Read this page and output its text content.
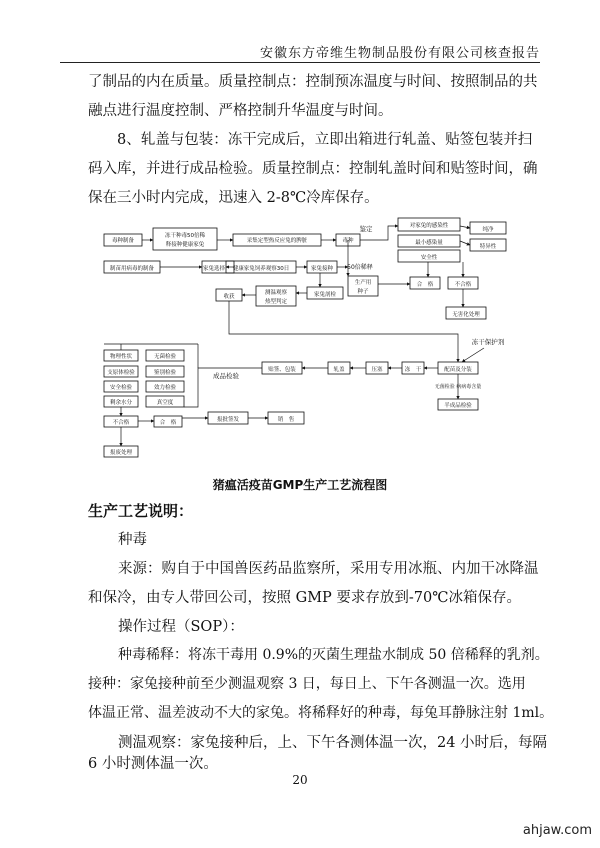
安徽东方帝维生物制品股份有限公司核查报告
了制品的内在质量。质量控制点：控制预冻温度与时间、按照制品的共融点进行温度控制、严格控制升华温度与时间。
8、轧盖与包装：冻干完成后，立即出箱进行轧盖、贴签包装并扫码入库，并进行成品检验。质量控制点：控制轧盖时间和贴签时间，确保在三小时内完成，迅速入 2-8℃冷库保存。
毒种制备
冻干种毒50倍稀
释接种健康家兔
采集定型热反应兔的脾脏	毒种
鉴定	对家兔的感染性
纯净
最小感染量
特异性
安全性
制苗用病毒的制备	家兔选择 健康家兔饲养观察30日	家兔接种 50倍稀释
生产用
种子
合　格	不合格
收获
测温观察
热型判定
家兔剖检
无害化处理
冻干保护剂
物理性状	无菌检验
支原体检验	鉴别检验
安全检验	效力检验
剩余水分	真空度
成品检验
贴签、包装	轧盖	压塞	冻　干	配苗及分装
无菌检验 病病毒含量
半成品检验
不合格	合　格	报批签发	销　售
报废处理
猪瘟活疫苗GMP生产工艺流程图
生产工艺说明：
种毒
来源：购自于中国兽医药品监察所，采用专用冰瓶、内加干冰降温
和保冷，由专人带回公司，按照 GMP 要求存放到-70℃冰箱保存。
操作过程（SOP）：
种毒稀释：将冻干毒用 0.9%的灭菌生理盐水制成 50 倍稀释的乳剂。
接种：家兔接种前至少测温观察 3 日，每日上、下午各测温一次。选用
体温正常、温差波动不大的家兔。将稀释好的种毒，每兔耳静脉注射 1ml。
测温观察：家兔接种后，上、下午各测体温一次，24 小时后，每隔
6 小时测体温一次。
20
ahjaw.com
